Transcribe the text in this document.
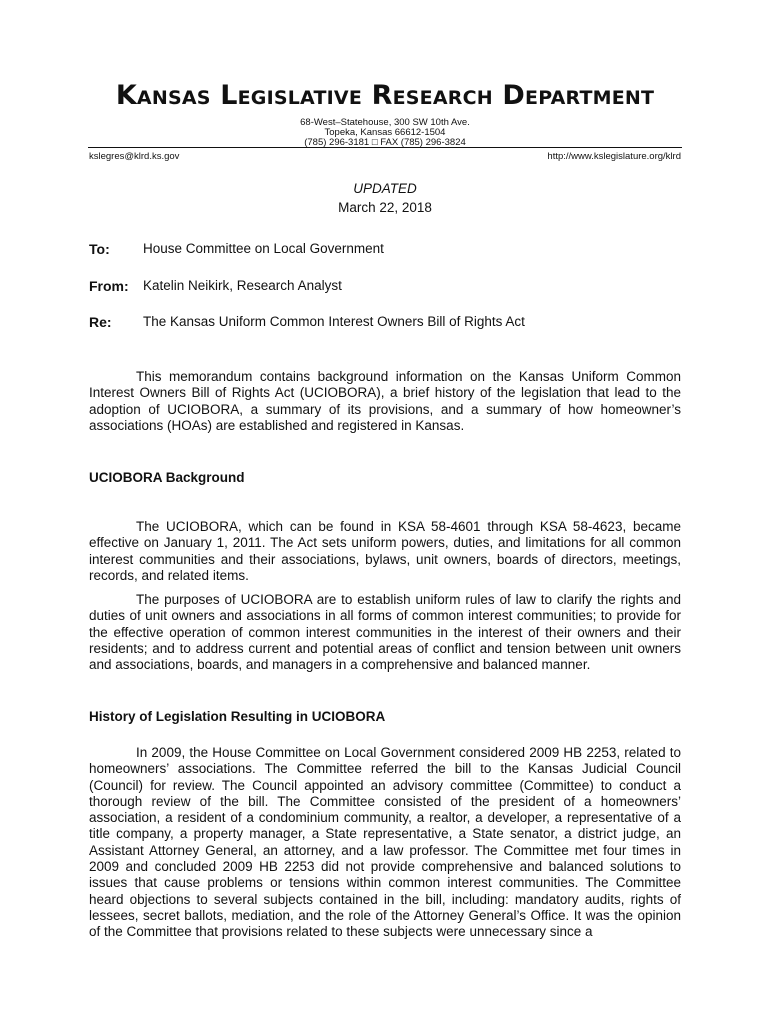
Kansas Legislative Research Department
68-West–Statehouse, 300 SW 10th Ave.
Topeka, Kansas 66612-1504
(785) 296-3181 □ FAX (785) 296-3824
kslegres@klrd.ks.gov	http://www.kslegislature.org/klrd
UPDATED
March 22, 2018
To: House Committee on Local Government
From: Katelin Neikirk, Research Analyst
Re: The Kansas Uniform Common Interest Owners Bill of Rights Act

This memorandum contains background information on the Kansas Uniform Common Interest Owners Bill of Rights Act (UCIOBORA), a brief history of the legislation that lead to the adoption of UCIOBORA, a summary of its provisions, and a summary of how homeowner’s associations (HOAs) are established and registered in Kansas.

UCIOBORA Background

The UCIOBORA, which can be found in KSA 58-4601 through KSA 58-4623, became effective on January 1, 2011. The Act sets uniform powers, duties, and limitations for all common interest communities and their associations, bylaws, unit owners, boards of directors, meetings, records, and related items.

The purposes of UCIOBORA are to establish uniform rules of law to clarify the rights and duties of unit owners and associations in all forms of common interest communities; to provide for the effective operation of common interest communities in the interest of their owners and their residents; and to address current and potential areas of conflict and tension between unit owners and associations, boards, and managers in a comprehensive and balanced manner.

History of Legislation Resulting in UCIOBORA

In 2009, the House Committee on Local Government considered 2009 HB 2253, related to homeowners’ associations. The Committee referred the bill to the Kansas Judicial Council (Council) for review. The Council appointed an advisory committee (Committee) to conduct a thorough review of the bill. The Committee consisted of the president of a homeowners’ association, a resident of a condominium community, a realtor, a developer, a representative of a title company, a property manager, a State representative, a State senator, a district judge, an Assistant Attorney General, an attorney, and a law professor. The Committee met four times in 2009 and concluded 2009 HB 2253 did not provide comprehensive and balanced solutions to issues that cause problems or tensions within common interest communities. The Committee heard objections to several subjects contained in the bill, including: mandatory audits, rights of lessees, secret ballots, mediation, and the role of the Attorney General’s Office. It was the opinion of the Committee that provisions related to these subjects were unnecessary since a
